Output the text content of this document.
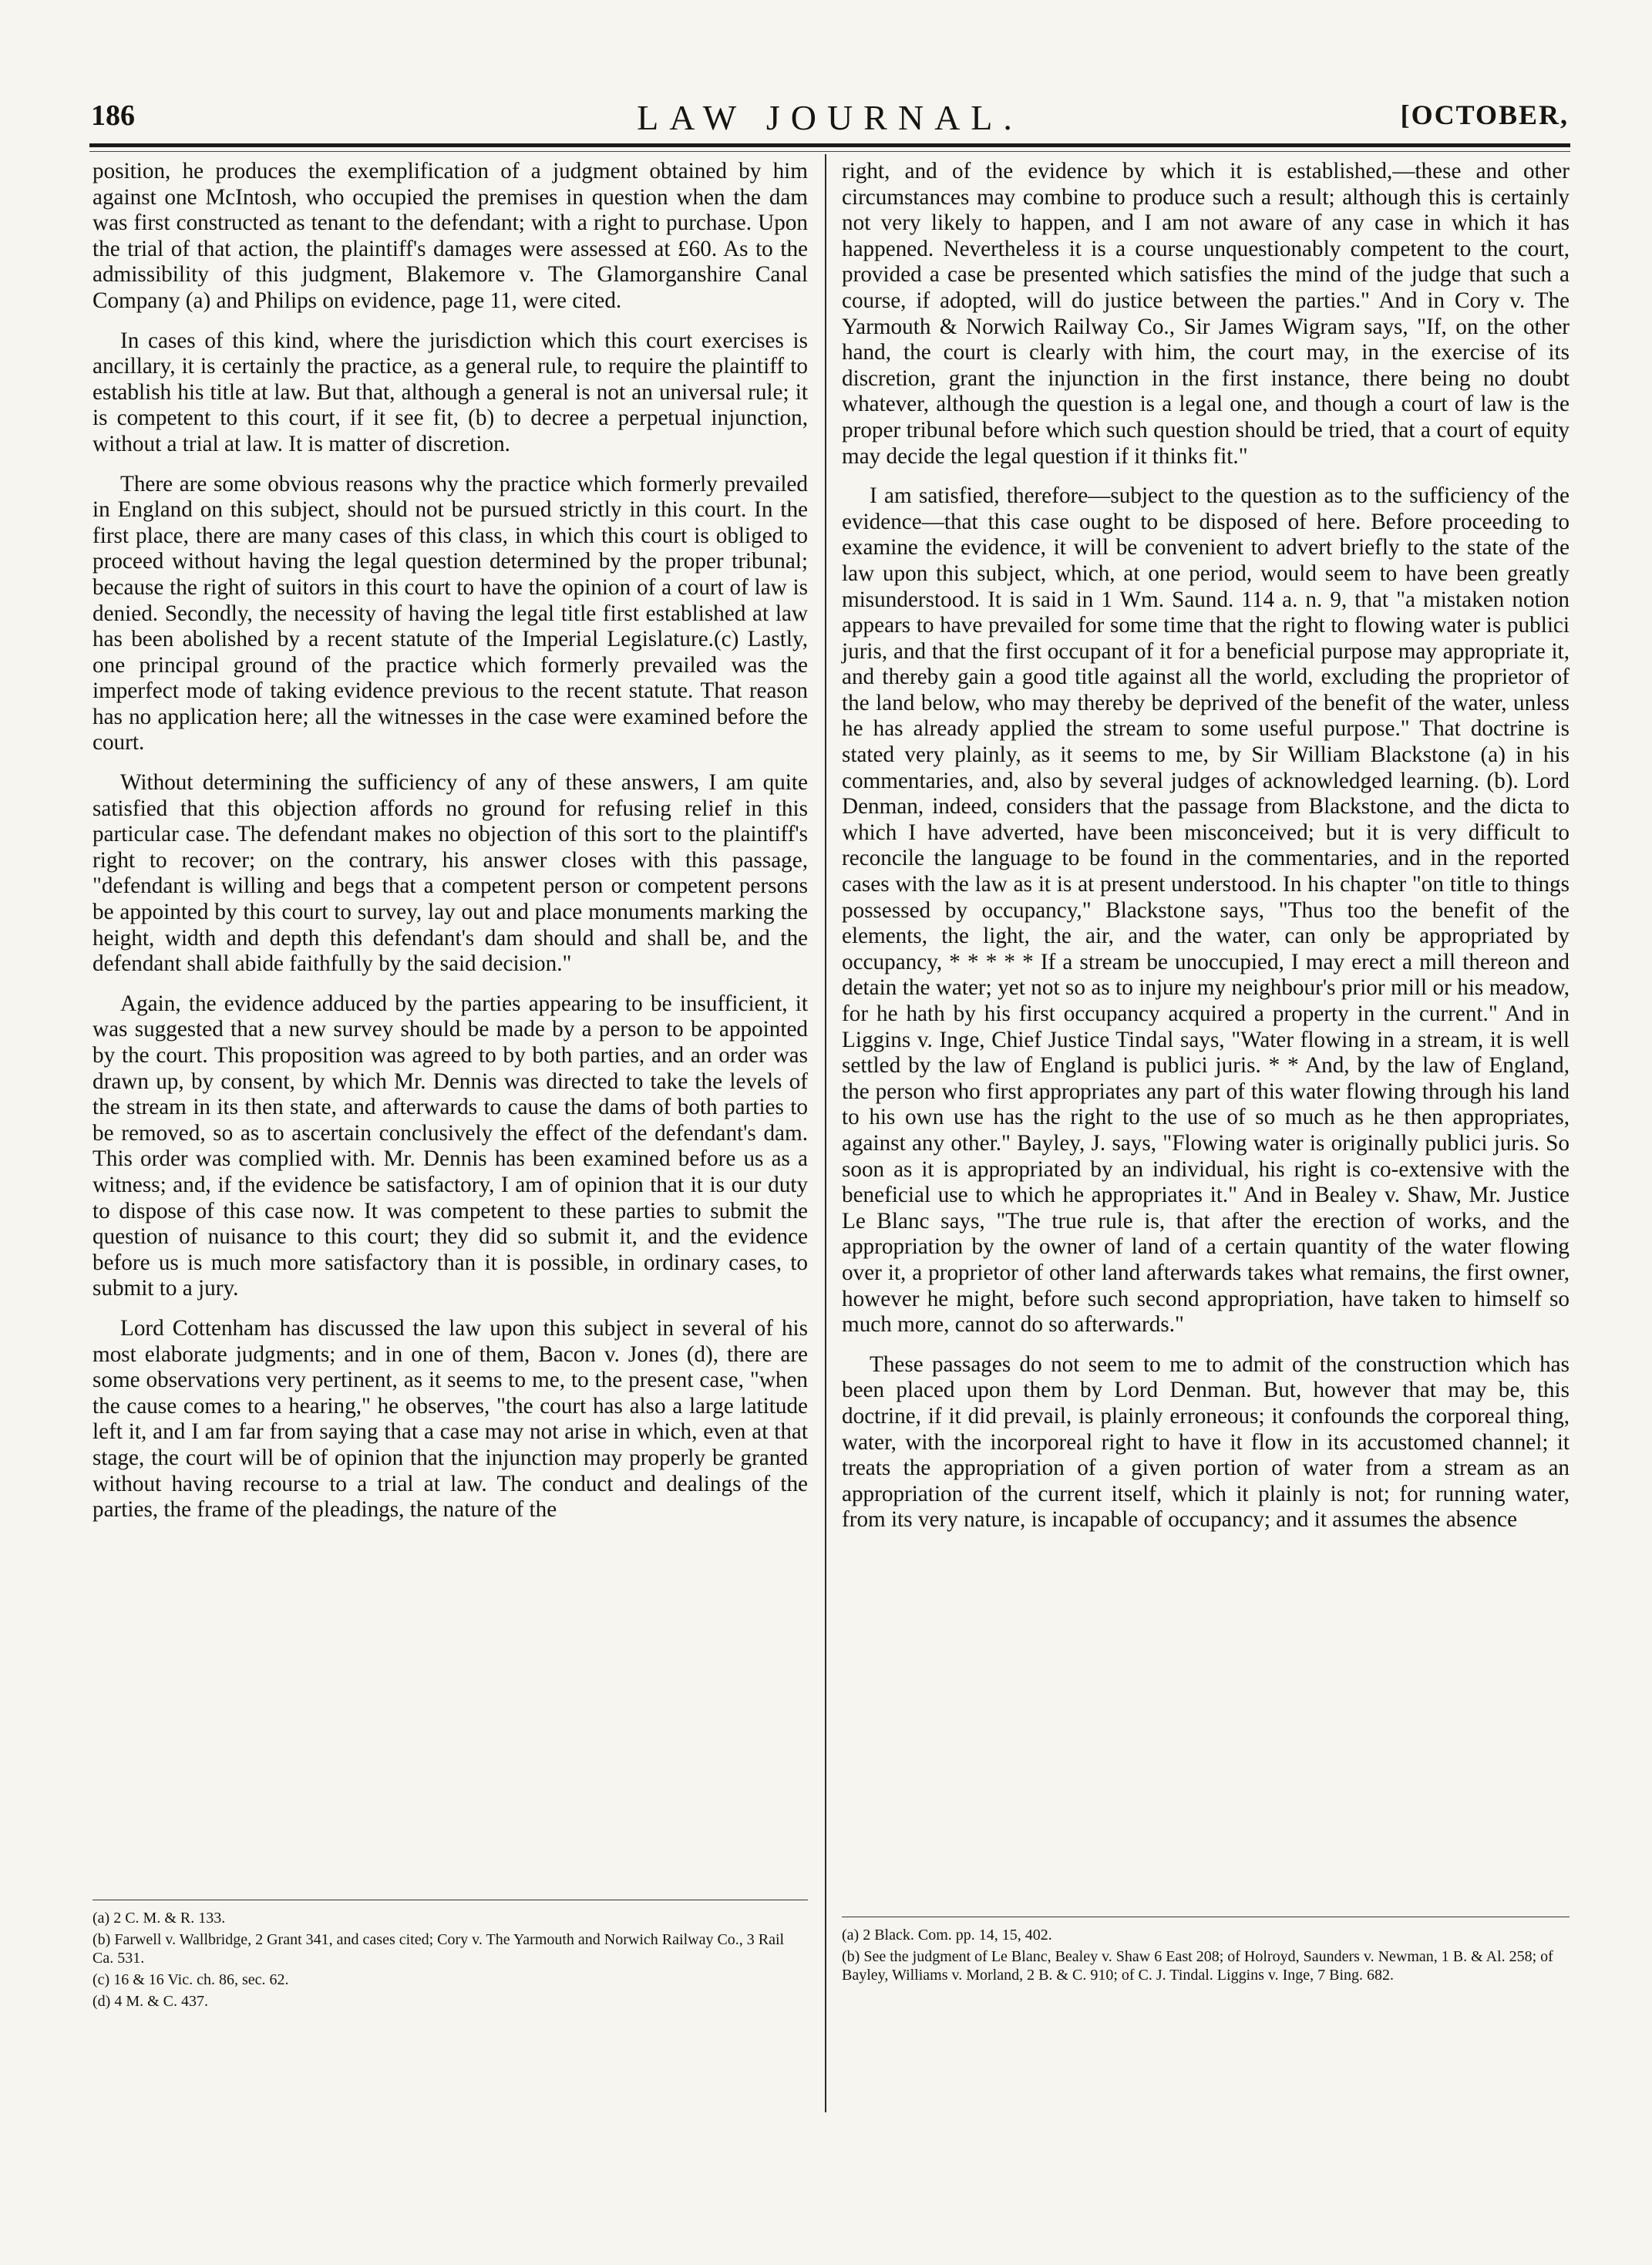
186	LAW JOURNAL.	[OCTOBER,

position, he produces the exemplification of a judgment obtained by him against one McIntosh, who occupied the premises in question when the dam was first constructed as tenant to the defendant; with a right to purchase. Upon the trial of that action, the plaintiff's damages were assessed at £60. As to the admissibility of this judgment, Blakemore v. The Glamorganshire Canal Company (a) and Philips on evidence, page 11, were cited.

In cases of this kind, where the jurisdiction which this court exercises is ancillary, it is certainly the practice, as a general rule, to require the plaintiff to establish his title at law. But that, although a general is not an universal rule; it is competent to this court, if it see fit, (b) to decree a perpetual injunction, without a trial at law. It is matter of discretion.

There are some obvious reasons why the practice which formerly prevailed in England on this subject, should not be pursued strictly in this court. In the first place, there are many cases of this class, in which this court is obliged to proceed without having the legal question determined by the proper tribunal; because the right of suitors in this court to have the opinion of a court of law is denied. Secondly, the necessity of having the legal title first established at law has been abolished by a recent statute of the Imperial Legislature.(c) Lastly, one principal ground of the practice which formerly prevailed was the imperfect mode of taking evidence previous to the recent statute. That reason has no application here; all the witnesses in the case were examined before the court.

Without determining the sufficiency of any of these answers, I am quite satisfied that this objection affords no ground for refusing relief in this particular case. The defendant makes no objection of this sort to the plaintiff's right to recover; on the contrary, his answer closes with this passage, "defendant is willing and begs that a competent person or competent persons be appointed by this court to survey, lay out and place monuments marking the height, width and depth this defendant's dam should and shall be, and the defendant shall abide faithfully by the said decision."

Again, the evidence adduced by the parties appearing to be insufficient, it was suggested that a new survey should be made by a person to be appointed by the court. This proposition was agreed to by both parties, and an order was drawn up, by consent, by which Mr. Dennis was directed to take the levels of the stream in its then state, and afterwards to cause the dams of both parties to be removed, so as to ascertain conclusively the effect of the defendant's dam. This order was complied with. Mr. Dennis has been examined before us as a witness; and, if the evidence be satisfactory, I am of opinion that it is our duty to dispose of this case now. It was competent to these parties to submit the question of nuisance to this court; they did so submit it, and the evidence before us is much more satisfactory than it is possible, in ordinary cases, to submit to a jury.

Lord Cottenham has discussed the law upon this subject in several of his most elaborate judgments; and in one of them, Bacon v. Jones (d), there are some observations very pertinent, as it seems to me, to the present case, "when the cause comes to a hearing," he observes, "the court has also a large latitude left it, and I am far from saying that a case may not arise in which, even at that stage, the court will be of opinion that the injunction may properly be granted without having recourse to a trial at law. The conduct and dealings of the parties, the frame of the pleadings, the nature of the

right, and of the evidence by which it is established,—these and other circumstances may combine to produce such a result; although this is certainly not very likely to happen, and I am not aware of any case in which it has happened. Nevertheless it is a course unquestionably competent to the court, provided a case be presented which satisfies the mind of the judge that such a course, if adopted, will do justice between the parties." And in Cory v. The Yarmouth & Norwich Railway Co., Sir James Wigram says, "If, on the other hand, the court is clearly with him, the court may, in the exercise of its discretion, grant the injunction in the first instance, there being no doubt whatever, although the question is a legal one, and though a court of law is the proper tribunal before which such question should be tried, that a court of equity may decide the legal question if it thinks fit."

I am satisfied, therefore—subject to the question as to the sufficiency of the evidence—that this case ought to be disposed of here. Before proceeding to examine the evidence, it will be convenient to advert briefly to the state of the law upon this subject, which, at one period, would seem to have been greatly misunderstood. It is said in 1 Wm. Saund. 114 a. n. 9, that "a mistaken notion appears to have prevailed for some time that the right to flowing water is publici juris, and that the first occupant of it for a beneficial purpose may appropriate it, and thereby gain a good title against all the world, excluding the proprietor of the land below, who may thereby be deprived of the benefit of the water, unless he has already applied the stream to some useful purpose." That doctrine is stated very plainly, as it seems to me, by Sir William Blackstone (a) in his commentaries, and, also by several judges of acknowledged learning. (b). Lord Denman, indeed, considers that the passage from Blackstone, and the dicta to which I have adverted, have been misconceived; but it is very difficult to reconcile the language to be found in the commentaries, and in the reported cases with the law as it is at present understood. In his chapter "on title to things possessed by occupancy," Blackstone says, "Thus too the benefit of the elements, the light, the air, and the water, can only be appropriated by occupancy, * * * * * If a stream be unoccupied, I may erect a mill thereon and detain the water; yet not so as to injure my neighbour's prior mill or his meadow, for he hath by his first occupancy acquired a property in the current." And in Liggins v. Inge, Chief Justice Tindal says, "Water flowing in a stream, it is well settled by the law of England is publici juris. * * And, by the law of England, the person who first appropriates any part of this water flowing through his land to his own use has the right to the use of so much as he then appropriates, against any other." Bayley, J. says, "Flowing water is originally publici juris. So soon as it is appropriated by an individual, his right is co-extensive with the beneficial use to which he appropriates it." And in Bealey v. Shaw, Mr. Justice Le Blanc says, "The true rule is, that after the erection of works, and the appropriation by the owner of land of a certain quantity of the water flowing over it, a proprietor of other land afterwards takes what remains, the first owner, however he might, before such second appropriation, have taken to himself so much more, cannot do so afterwards."

These passages do not seem to me to admit of the construction which has been placed upon them by Lord Denman. But, however that may be, this doctrine, if it did prevail, is plainly erroneous; it confounds the corporeal thing, water, with the incorporeal right to have it flow in its accustomed channel; it treats the appropriation of a given portion of water from a stream as an appropriation of the current itself, which it plainly is not; for running water, from its very nature, is incapable of occupancy; and it assumes the absence

(a) 2 C. M. & R. 133.
(b) Farwell v. Wallbridge, 2 Grant 341, and cases cited; Cory v. The Yarmouth and Norwich Railway Co., 3 Rail Ca. 531.
(c) 16 & 16 Vic. ch. 86, sec. 62.
(d) 4 M. & C. 437.
(a) 2 Black. Com. pp. 14, 15, 402.
(b) See the judgment of Le Blanc, Bealey v. Shaw 6 East 208; of Holroyd, Saunders v. Newman, 1 B. & Al. 258; of Bayley, Williams v. Morland, 2 B. & C. 910; of C. J. Tindal. Liggins v. Inge, 7 Bing. 682.
